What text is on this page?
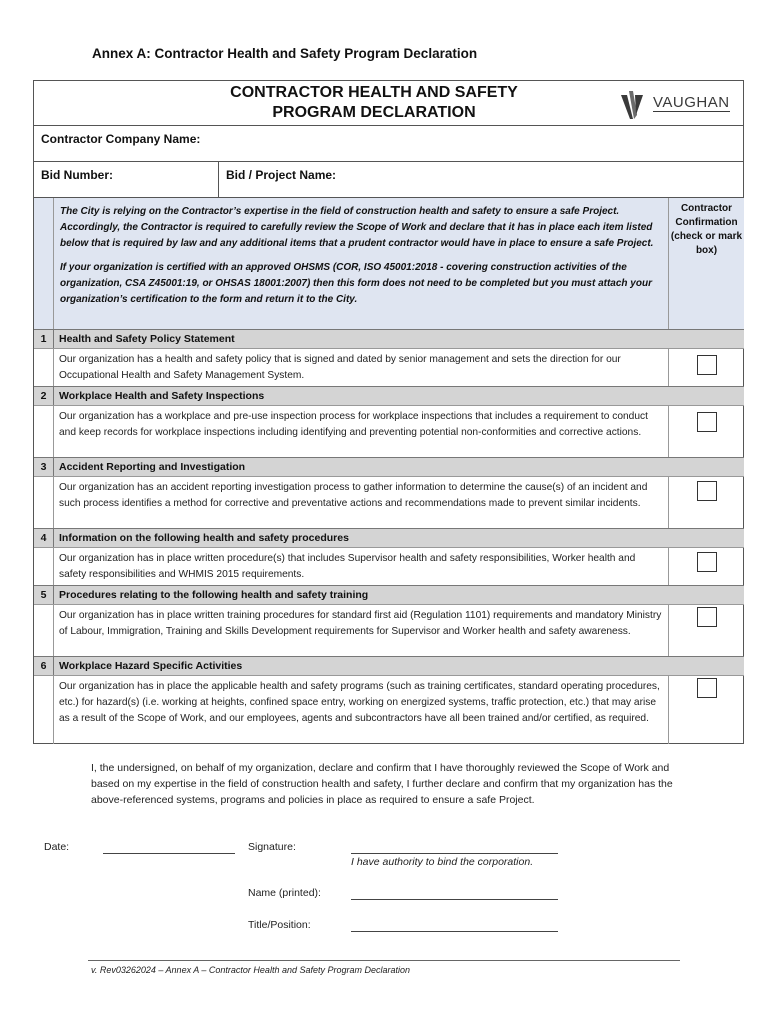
Annex A: Contractor Health and Safety Program Declaration
CONTRACTOR HEALTH AND SAFETY
PROGRAM DECLARATION
VAUGHAN
Contractor Company Name:
Bid Number:	Bid / Project Name:

The City is relying on the Contractor’s expertise in the field of construction health and safety to ensure a safe Project. Accordingly, the Contractor is required to carefully review the Scope of Work and declare that it has in place each item listed below that is required by law and any additional items that a prudent contractor would have in place to ensure a safe Project.

If your organization is certified with an approved OHSMS (COR, ISO 45001:2018 - covering construction activities of the organization, CSA Z45001:19, or OHSAS 18001:2007) then this form does not need to be completed but you must attach your organization’s certification to the form and return it to the City.

Contractor Confirmation (check or mark box)
1	Health and Safety Policy Statement
Our organization has a health and safety policy that is signed and dated by senior management and sets the direction for our Occupational Health and Safety Management System.
2	Workplace Health and Safety Inspections
Our organization has a workplace and pre-use inspection process for workplace inspections that includes a requirement to conduct and keep records for workplace inspections including identifying and preventing potential non-conformities and corrective actions.
3	Accident Reporting and Investigation
Our organization has an accident reporting investigation process to gather information to determine the cause(s) of an incident and such process identifies a method for corrective and preventative actions and recommendations made to prevent similar incidents.
4	Information on the following health and safety procedures
Our organization has in place written procedure(s) that includes Supervisor health and safety responsibilities, Worker health and safety responsibilities and WHMIS 2015 requirements.
5	Procedures relating to the following health and safety training
Our organization has in place written training procedures for standard first aid (Regulation 1101) requirements and mandatory Ministry of Labour, Immigration, Training and Skills Development requirements for Supervisor and Worker health and safety awareness.
6	Workplace Hazard Specific Activities
Our organization has in place the applicable health and safety programs (such as training certificates, standard operating procedures, etc.) for hazard(s) (i.e. working at heights, confined space entry, working on energized systems, traffic protection, etc.) that may arise as a result of the Scope of Work, and our employees, agents and subcontractors have all been trained and/or certified, as required.
I, the undersigned, on behalf of my organization, declare and confirm that I have thoroughly reviewed the Scope of Work and based on my expertise in the field of construction health and safety, I further declare and confirm that my organization has the above-referenced systems, programs and policies in place as required to ensure a safe Project.
Date:	Signature:
I have authority to bind the corporation.
Name (printed):
Title/Position:
v. Rev03262024 – Annex A – Contractor Health and Safety Program Declaration
